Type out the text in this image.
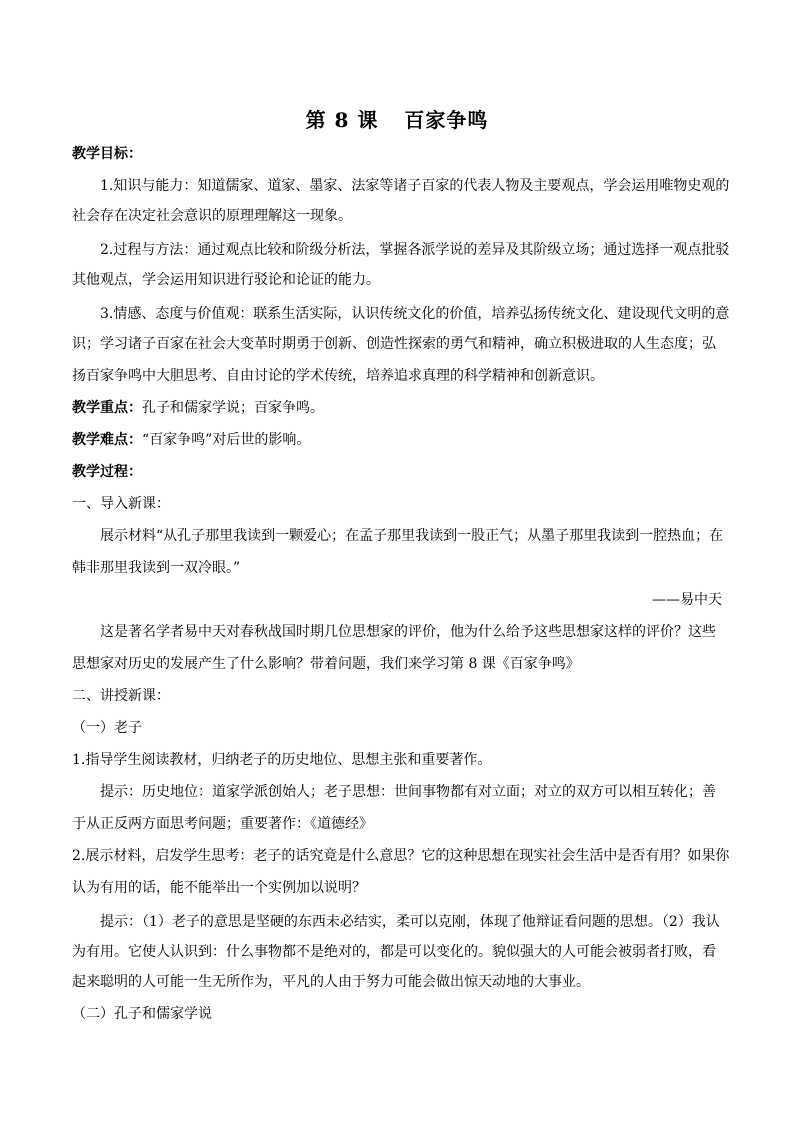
第 8 课 百家争鸣
教学目标：
1.知识与能力：知道儒家、道家、墨家、法家等诸子百家的代表人物及主要观点，学会运用唯物史观的
社会存在决定社会意识的原理理解这一现象。
2.过程与方法：通过观点比较和阶级分析法，掌握各派学说的差异及其阶级立场；通过选择一观点批驳
其他观点，学会运用知识进行驳论和论证的能力。
3.情感、态度与价值观：联系生活实际，认识传统文化的价值，培养弘扬传统文化、建设现代文明的意
识；学习诸子百家在社会大变革时期勇于创新、创造性探索的勇气和精神，确立积极进取的人生态度；弘
扬百家争鸣中大胆思考、自由讨论的学术传统，培养追求真理的科学精神和创新意识。
教学重点：孔子和儒家学说；百家争鸣。
教学难点：“百家争鸣”对后世的影响。
教学过程：
一、导入新课：
展示材料“从孔子那里我读到一颗爱心；在孟子那里我读到一股正气；从墨子那里我读到一腔热血；在
韩非那里我读到一双冷眼。”
——易中天
这是著名学者易中天对春秋战国时期几位思想家的评价，他为什么给予这些思想家这样的评价？这些
思想家对历史的发展产生了什么影响？带着问题，我们来学习第 8 课《百家争鸣》
二、讲授新课：
（一）老子
1.指导学生阅读教材，归纳老子的历史地位、思想主张和重要著作。
提示：历史地位：道家学派创始人；老子思想：世间事物都有对立面；对立的双方可以相互转化；善
于从正反两方面思考问题；重要著作：《道德经》
2.展示材料，启发学生思考：老子的话究竟是什么意思？它的这种思想在现实社会生活中是否有用？如果你
认为有用的话，能不能举出一个实例加以说明？
提示：（1）老子的意思是坚硬的东西未必结实，柔可以克刚，体现了他辩证看问题的思想。（2）我认
为有用。它使人认识到：什么事物都不是绝对的，都是可以变化的。貌似强大的人可能会被弱者打败，看
起来聪明的人可能一生无所作为，平凡的人由于努力可能会做出惊天动地的大事业。
（二）孔子和儒家学说
